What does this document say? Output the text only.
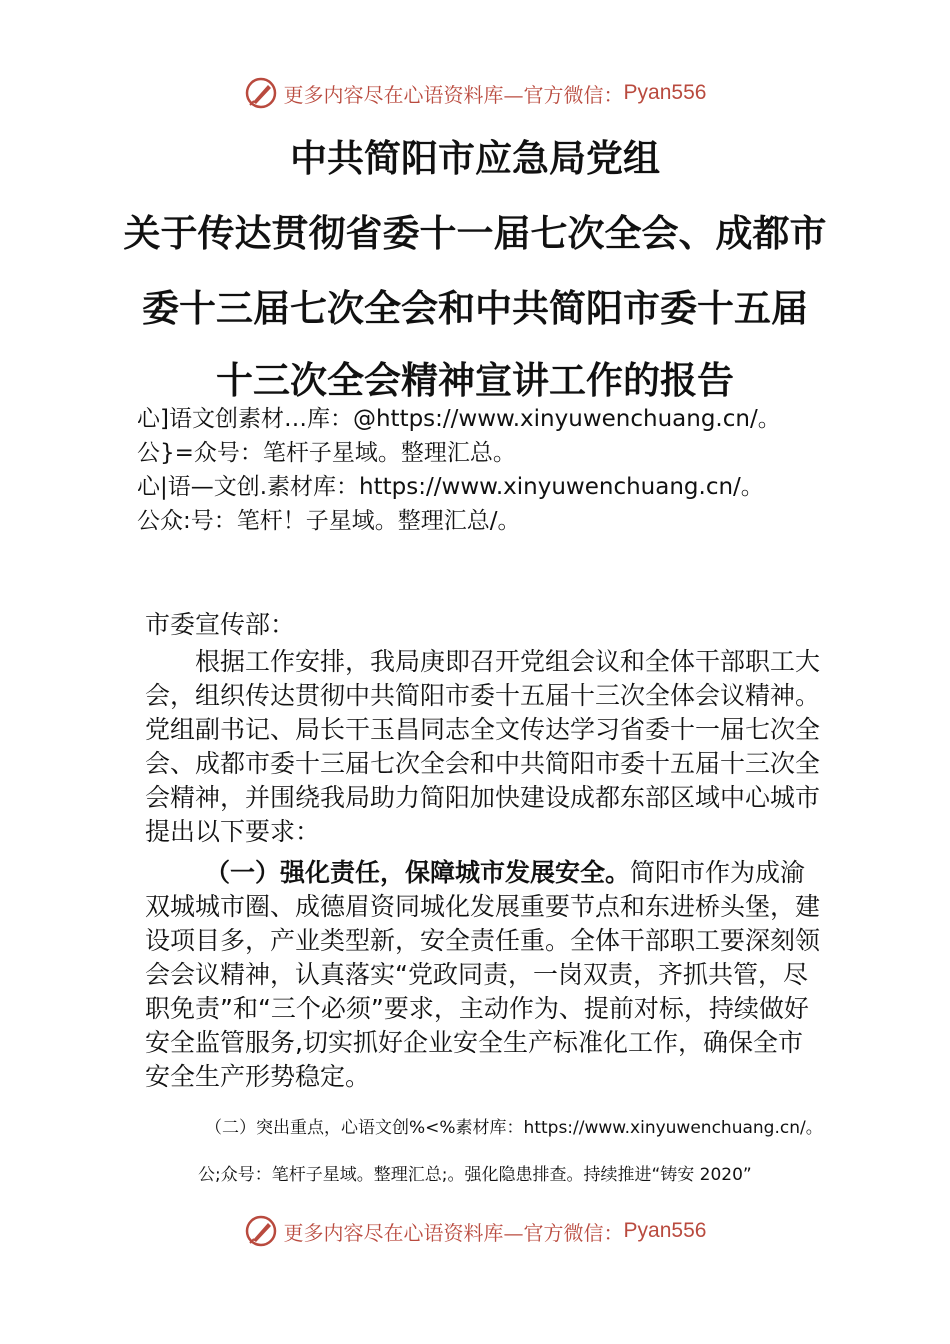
更多内容尽在心语资料库—官方微信： Pyan556
中共简阳市应急局党组
关于传达贯彻省委十一届七次全会、成都市
委十三届七次全会和中共简阳市委十五届
十三次全会精神宣讲工作的报告
心]语文创素材…库：@https://www.xinyuwenchuang.cn/。
公}=众号：笔杆子星域。整理汇总。
心|语—文创.素材库：https://www.xinyuwenchuang.cn/。
公众:号：笔杆！子星域。整理汇总/。
市委宣传部：
根据工作安排，我局庚即召开党组会议和全体干部职工大会，组织传达贯彻中共简阳市委十五届十三次全体会议精神。党组副书记、局长干玉昌同志全文传达学习省委十一届七次全会、成都市委十三届七次全会和中共简阳市委十五届十三次全会精神，并围绕我局助力简阳加快建设成都东部区域中心城市提出以下要求：
（一）强化责任，保障城市发展安全。简阳市作为成渝双城城市圈、成德眉资同城化发展重要节点和东进桥头堡，建设项目多，产业类型新，安全责任重。全体干部职工要深刻领会会议精神，认真落实“党政同责，一岗双责，齐抓共管，尽职免责”和“三个必须”要求，主动作为、提前对标，持续做好安全监管服务,切实抓好企业安全生产标准化工作，确保全市安全生产形势稳定。
（二）突出重点，心语文创%<%素材库：https://www.xinyuwenchuang.cn/。
公;众号：笔杆子星域。整理汇总;。强化隐患排查。持续推进“铸安 2020”
更多内容尽在心语资料库—官方微信： Pyan556
